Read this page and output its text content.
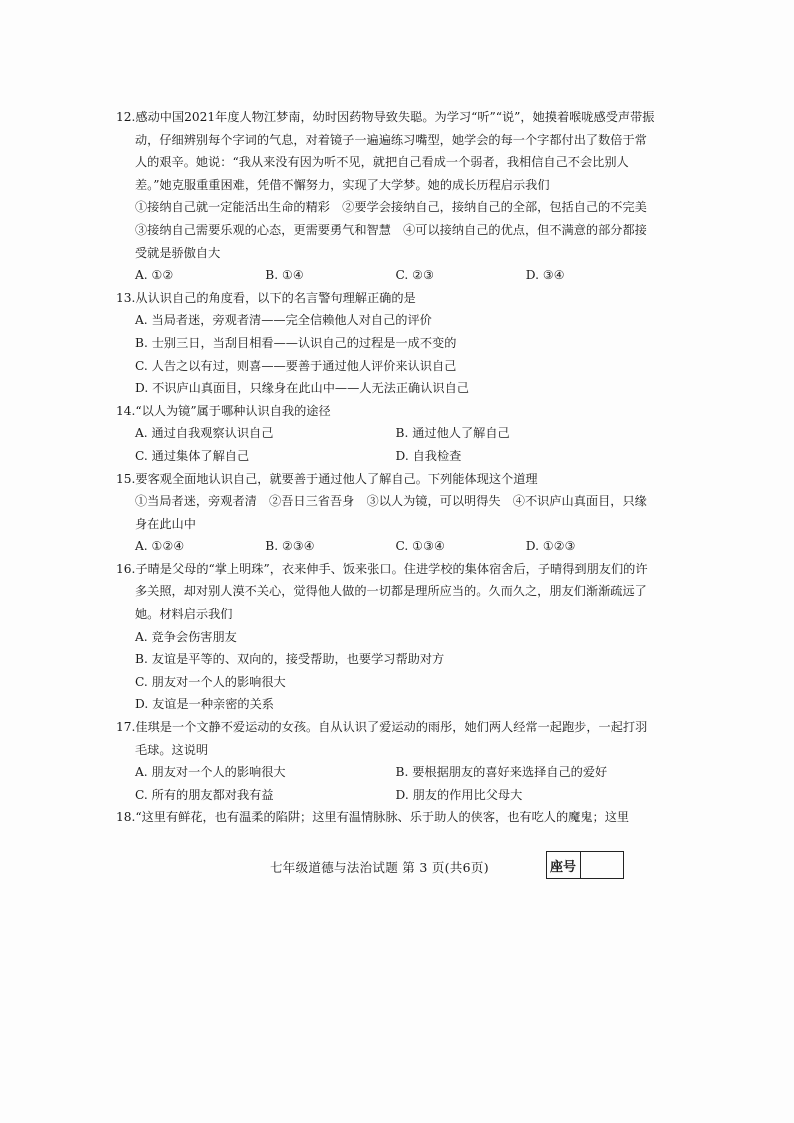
12.感动中国2021年度人物江梦南，幼时因药物导致失聪。为学习“听”“说”，她摸着喉咙感受声带振动，仔细辨别每个字词的气息，对着镜子一遍遍练习嘴型，她学会的每一个字都付出了数倍于常人的艰辛。她说：“我从来没有因为听不见，就把自己看成一个弱者，我相信自己不会比别人差。”她克服重重困难，凭借不懈努力，实现了大学梦。她的成长历程启示我们
①接纳自己就一定能活出生命的精彩　②要学会接纳自己，接纳自己的全部，包括自己的不完美　③接纳自己需要乐观的心态，更需要勇气和智慧　④可以接纳自己的优点，但不满意的部分都接受就是骄傲自大
A. ①②	B. ①④	C. ②③	D. ③④
13.从认识自己的角度看，以下的名言警句理解正确的是
A. 当局者迷，旁观者清——完全信赖他人对自己的评价
B. 士别三日，当刮目相看——认识自己的过程是一成不变的
C. 人告之以有过，则喜——要善于通过他人评价来认识自己
D. 不识庐山真面目，只缘身在此山中——人无法正确认识自己
14.“以人为镜”属于哪种认识自我的途径
A. 通过自我观察认识自己	B. 通过他人了解自己
C. 通过集体了解自己	D. 自我检查
15.要客观全面地认识自己，就要善于通过他人了解自己。下列能体现这个道理
①当局者迷，旁观者清　②吾日三省吾身　③以人为镜，可以明得失　④不识庐山真面目，只缘身在此山中
A. ①②④	B. ②③④	C. ①③④	D. ①②③
16.子晴是父母的“掌上明珠”，衣来伸手、饭来张口。住进学校的集体宿舍后，子晴得到朋友们的许多关照，却对别人漠不关心，觉得他人做的一切都是理所应当的。久而久之，朋友们渐渐疏远了她。材料启示我们
A. 竞争会伤害朋友
B. 友谊是平等的、双向的，接受帮助，也要学习帮助对方
C. 朋友对一个人的影响很大
D. 友谊是一种亲密的关系
17.佳琪是一个文静不爱运动的女孩。自从认识了爱运动的雨彤，她们两人经常一起跑步，一起打羽毛球。这说明
A. 朋友对一个人的影响很大	B. 要根据朋友的喜好来选择自己的爱好
C. 所有的朋友都对我有益	D. 朋友的作用比父母大
18.“这里有鲜花，也有温柔的陷阱；这里有温情脉脉、乐于助人的侠客，也有吃人的魔鬼；这里
七年级道德与法治试题 第 3 页(共6页)	座号
